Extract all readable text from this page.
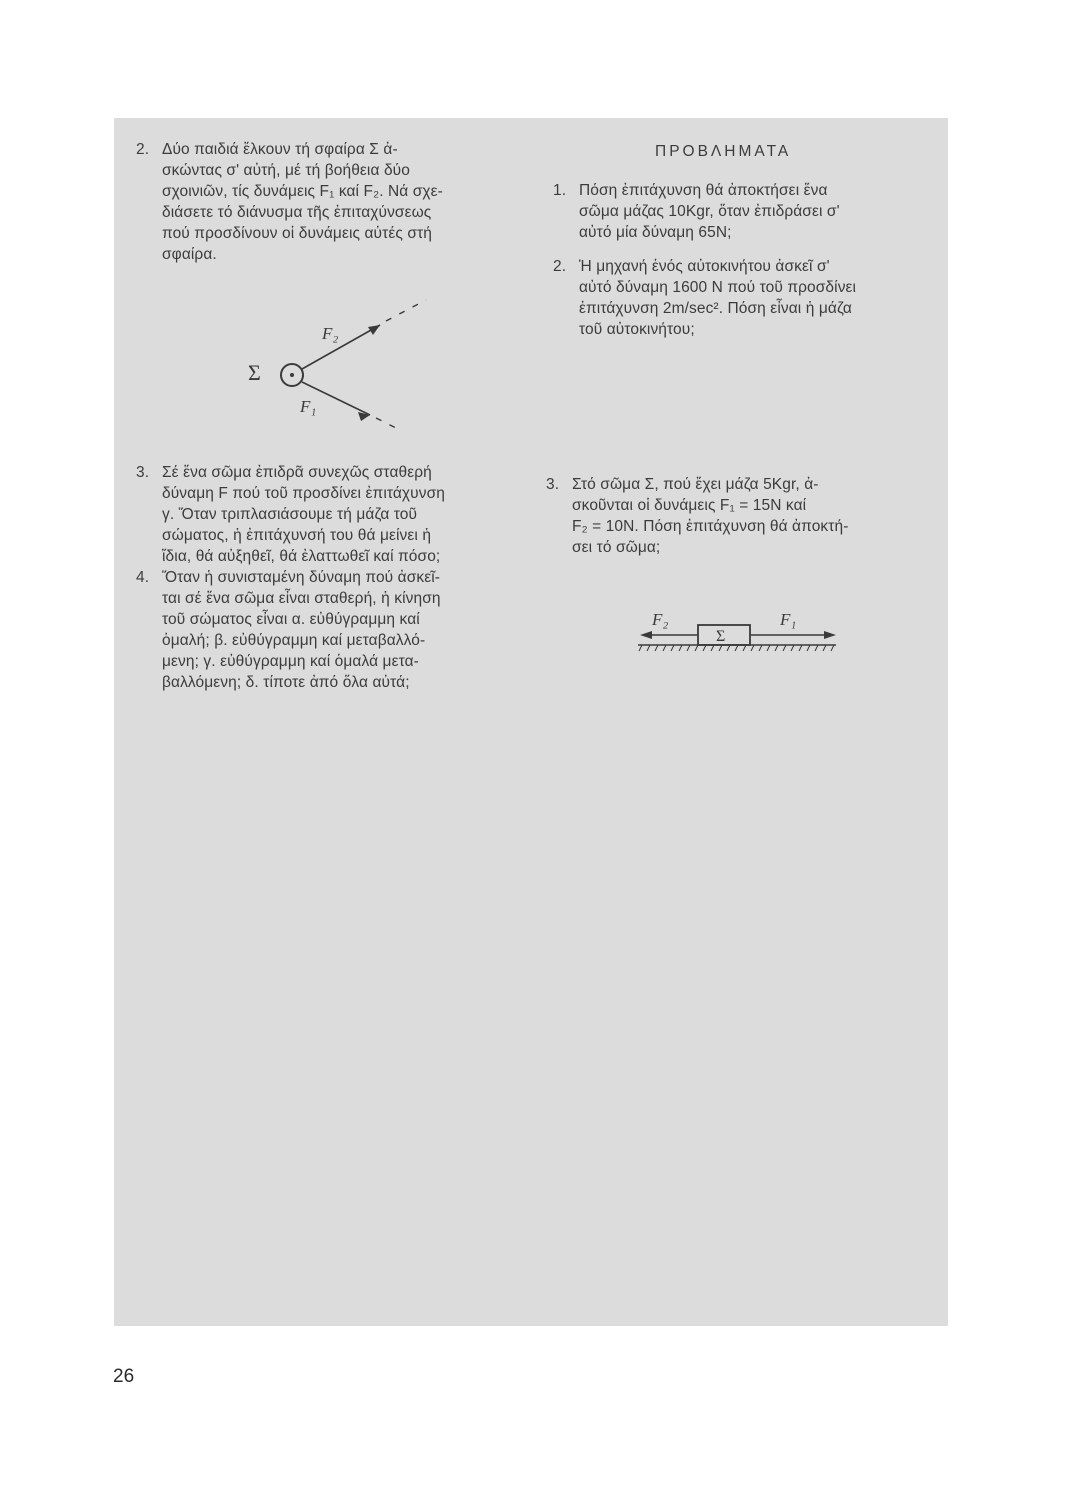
2. Δύο παιδιά ἕλκουν τή σφαίρα Σ ἀ-
σκώντας σ' αὐτή, μέ τή βοήθεια δύο
σχοινιῶν, τίς δυνάμεις F₁ καί F₂. Νά σχε-
διάσετε τό διάνυσμα τῆς ἐπιταχύνσεως
πού προσδίνουν οἱ δυνάμεις αὐτές στή
σφαίρα.
Σ
F₂
F₁
3. Σέ ἕνα σῶμα ἐπιδρᾶ συνεχῶς σταθερή
δύναμη F πού τοῦ προσδίνει ἐπιτάχυνση
γ. Ὅταν τριπλασιάσουμε τή μάζα τοῦ
σώματος, ἡ ἐπιτάχυνσή του θά μείνει ἡ
ἴδια, θά αὐξηθεῖ, θά ἐλαττωθεῖ καί πόσο;
4. Ὅταν ἡ συνισταμένη δύναμη πού ἀσκεῖ-
ται σέ ἕνα σῶμα εἶναι σταθερή, ἡ κίνηση
τοῦ σώματος εἶναι α. εὐθύγραμμη καί
ὁμαλή; β. εὐθύγραμμη καί μεταβαλλό-
μενη; γ. εὐθύγραμμη καί ὁμαλά μετα-
βαλλόμενη; δ. τίποτε ἀπό ὅλα αὐτά;
ΠΡΟΒΛΗΜΑΤΑ
1. Πόση ἐπιτάχυνση θά ἀποκτήσει ἕνα
σῶμα μάζας 10Kgr, ὅταν ἐπιδράσει σ'
αὐτό μία δύναμη 65N;
2. Ἡ μηχανή ἑνός αὐτοκινήτου ἀσκεῖ σ'
αὐτό δύναμη 1600 N πού τοῦ προσδίνει
ἐπιτάχυνση 2m/sec². Πόση εἶναι ἡ μάζα
τοῦ αὐτοκινήτου;
3. Στό σῶμα Σ, πού ἔχει μάζα 5Kgr, ἀ-
σκοῦνται οἱ δυνάμεις F₁ = 15N καί
F₂ = 10N. Πόση ἐπιτάχυνση θά ἀποκτή-
σει τό σῶμα;
F₂	F₁
Σ
26
